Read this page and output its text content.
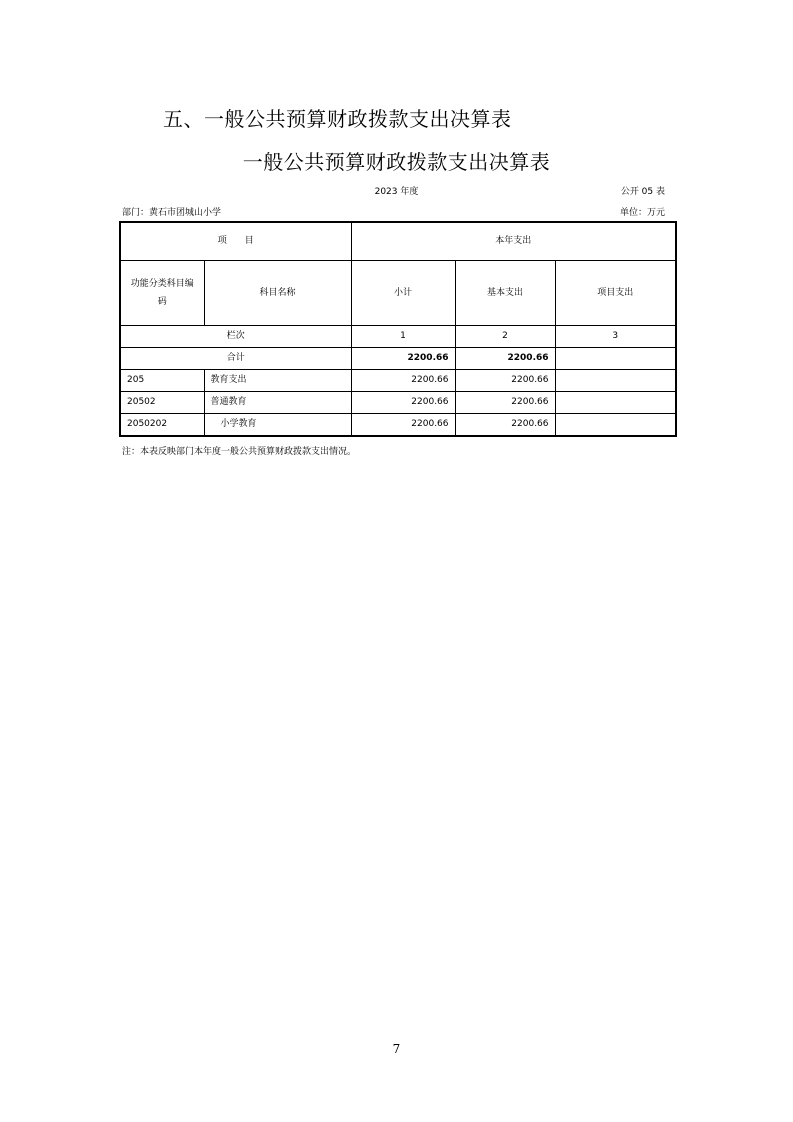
五、一般公共预算财政拨款支出决算表
一般公共预算财政拨款支出决算表
2023 年度	公开 05 表
部门：黄石市团城山小学	单位：万元
项　　目		本年支出		
功能分类科目编码	科目名称	小计	基本支出	项目支出
栏次		1	2	3
合计		2200.66	2200.66	
205	教育支出	2200.66	2200.66	
20502	普通教育	2200.66	2200.66	
2050202	小学教育	2200.66	2200.66	
注：本表反映部门本年度一般公共预算财政拨款支出情况。
7
